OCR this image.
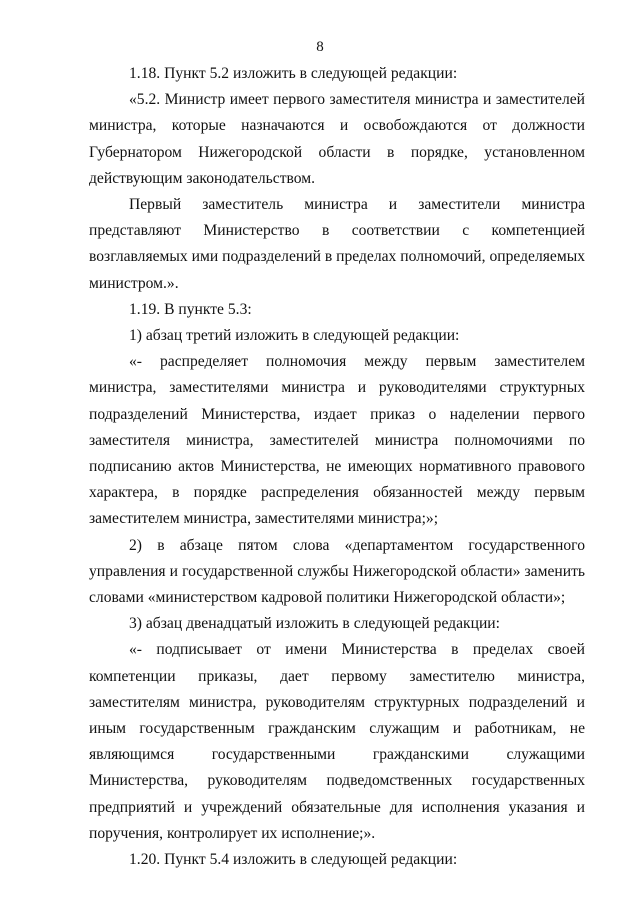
8

1.18. Пункт 5.2 изложить в следующей редакции:

«5.2. Министр имеет первого заместителя министра и заместителей министра, которые назначаются и освобождаются от должности Губернатором Нижегородской области в порядке, установленном действующим законодательством.

Первый заместитель министра и заместители министра представляют Министерство в соответствии с компетенцией возглавляемых ими подразделений в пределах полномочий, определяемых министром.».

1.19. В пункте 5.3:

1) абзац третий изложить в следующей редакции:

«- распределяет полномочия между первым заместителем министра, заместителями министра и руководителями структурных подразделений Министерства, издает приказ о наделении первого заместителя министра, заместителей министра полномочиями по подписанию актов Министерства, не имеющих нормативного правового характера, в порядке распределения обязанностей между первым заместителем министра, заместителями министра;»;

2) в абзаце пятом слова «департаментом государственного управления и государственной службы Нижегородской области» заменить словами «министерством кадровой политики Нижегородской области»;

3) абзац двенадцатый изложить в следующей редакции:

«- подписывает от имени Министерства в пределах своей компетенции приказы, дает первому заместителю министра, заместителям министра, руководителям структурных подразделений и иным государственным гражданским служащим и работникам, не являющимся государственными гражданскими служащими Министерства, руководителям подведомственных государственных предприятий и учреждений обязательные для исполнения указания и поручения, контролирует их исполнение;».

1.20. Пункт 5.4 изложить в следующей редакции:
